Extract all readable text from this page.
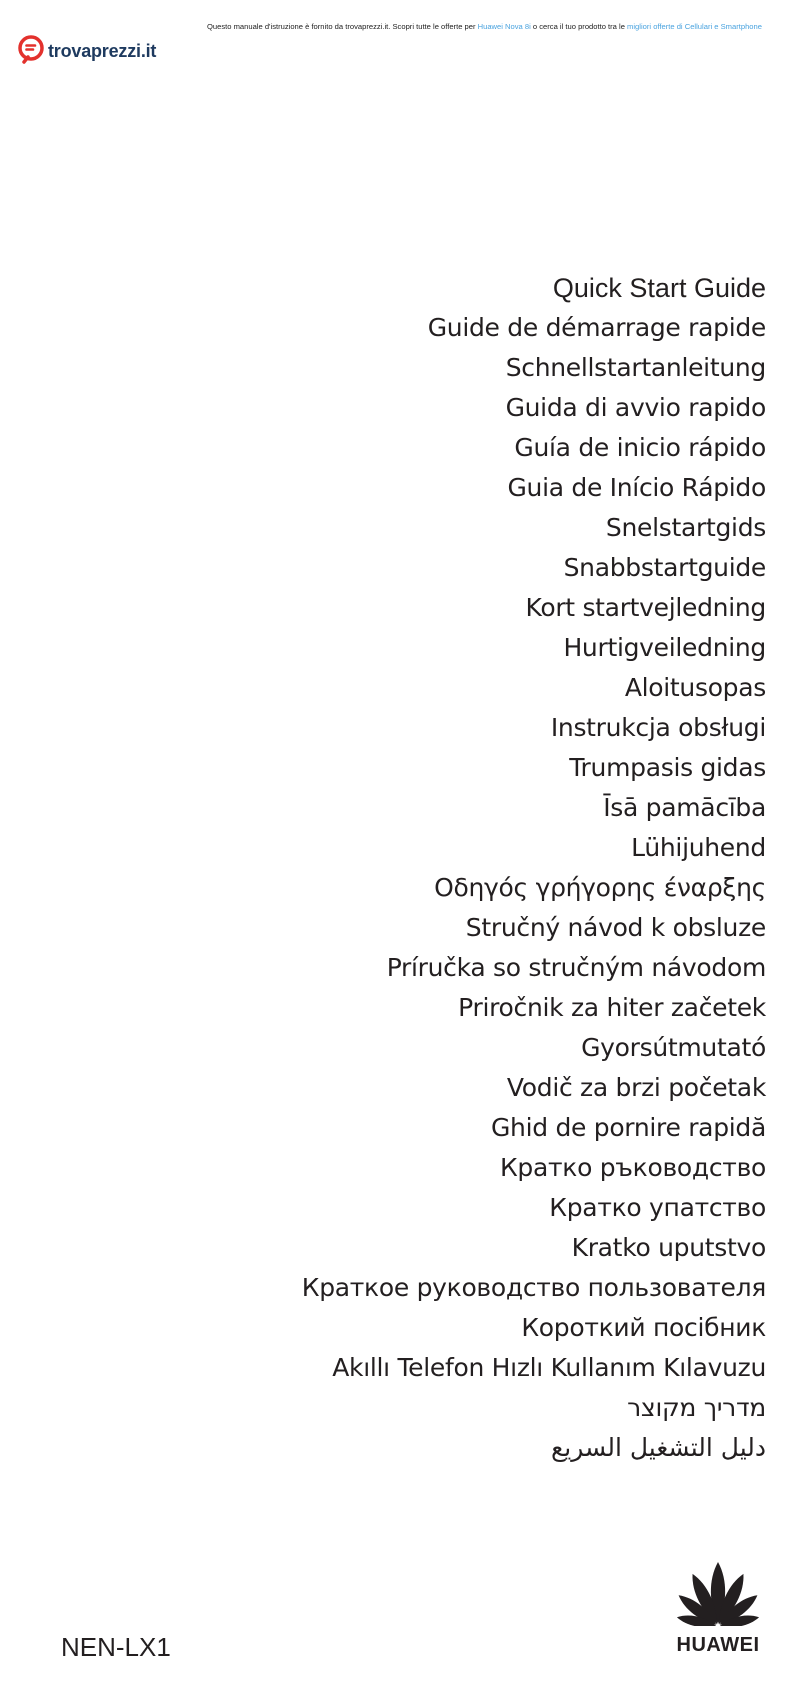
trovaprezzi.it
Questo manuale d'istruzione è fornito da trovaprezzi.it. Scopri tutte le offerte per Huawei Nova 8i o cerca il tuo prodotto tra le migliori offerte di Cellulari e Smartphone
Quick Start Guide
Guide de démarrage rapide
Schnellstartanleitung
Guida di avvio rapido
Guía de inicio rápido
Guia de Início Rápido
Snelstartgids
Snabbstartguide
Kort startvejledning
Hurtigveiledning
Aloitusopas
Instrukcja obsługi
Trumpasis gidas
Īsā pamācība
Lühijuhend
Οδηγός γρήγορης έναρξης
Stručný návod k obsluze
Príručka so stručným návodom
Priročnik za hiter začetek
Gyorsútmutató
Vodič za brzi početak
Ghid de pornire rapidă
Кратко ръководство
Кратко упатство
Kratko uputstvo
Краткое руководство пользователя
Короткий посібник
Akıllı Telefon Hızlı Kullanım Kılavuzu
מדריך מקוצר
دليل التشغيل السريع
NEN-LX1	HUAWEI
